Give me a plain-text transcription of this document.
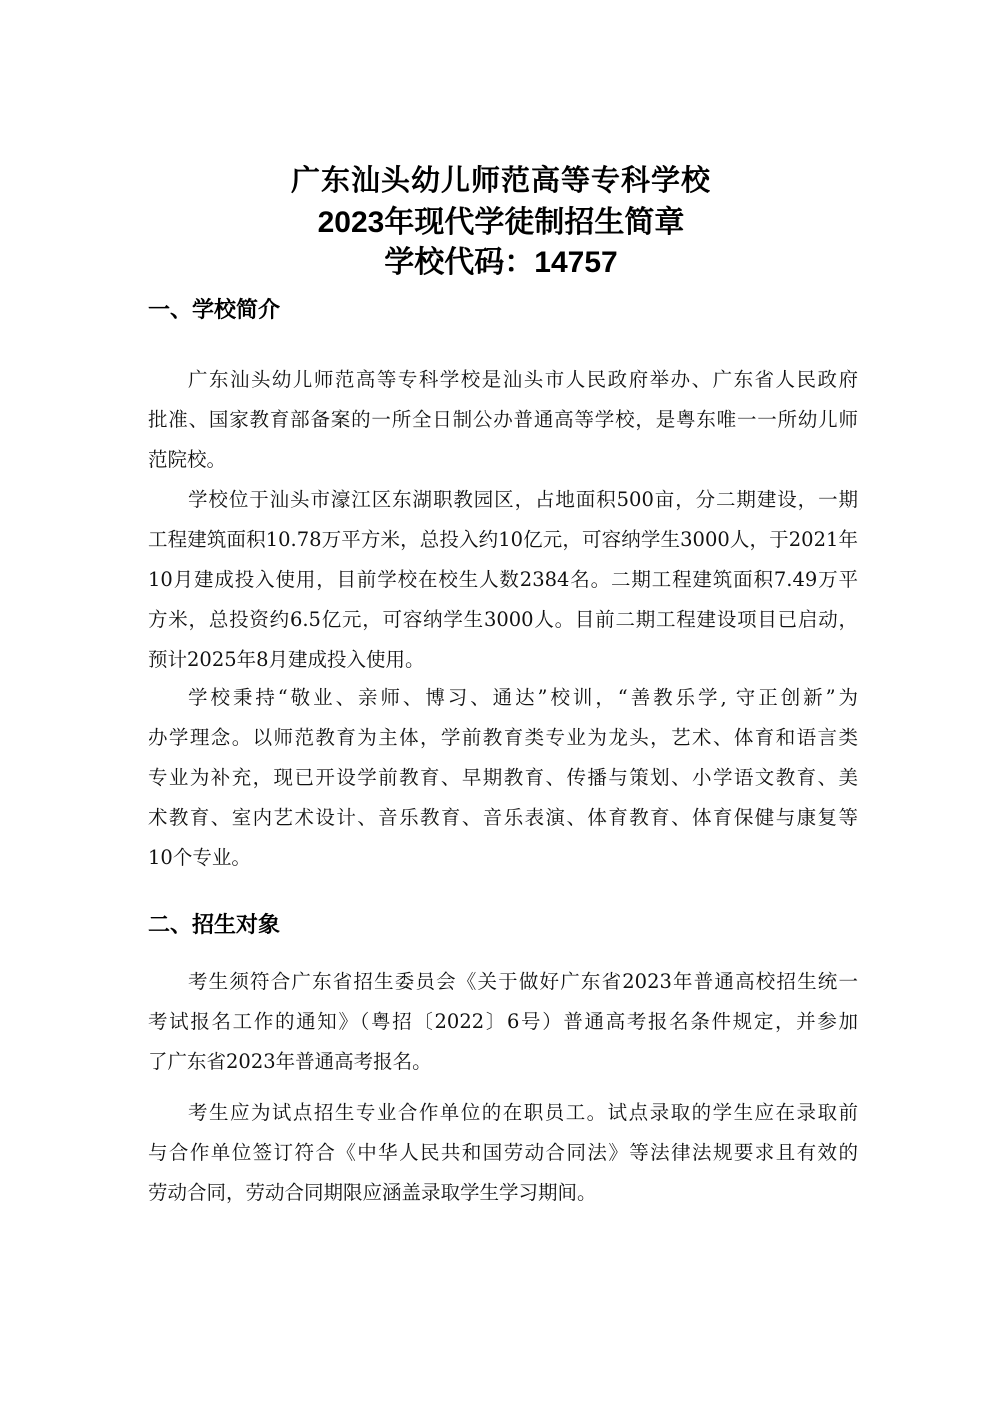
广东汕头幼儿师范高等专科学校
2023年现代学徒制招生简章
学校代码：14757
一、学校简介
广东汕头幼儿师范高等专科学校是汕头市人民政府举办、广东省人民政府
批准、国家教育部备案的一所全日制公办普通高等学校，是粤东唯一一所幼儿师
范院校。
学校位于汕头市濠江区东湖职教园区，占地面积500亩，分二期建设，一期
工程建筑面积10.78万平方米，总投入约10亿元，可容纳学生3000人，于2021年
10月建成投入使用，目前学校在校生人数2384名。二期工程建筑面积7.49万平
方米，总投资约6.5亿元，可容纳学生3000人。目前二期工程建设项目已启动，
预计2025年8月建成投入使用。
学校秉持“敬业、亲师、博习、通达”校训，“善教乐学, 守正创新”为
办学理念。以师范教育为主体，学前教育类专业为龙头，艺术、体育和语言类
专业为补充，现已开设学前教育、早期教育、传播与策划、小学语文教育、美
术教育、室内艺术设计、音乐教育、音乐表演、体育教育、体育保健与康复等
10个专业。
二、招生对象
考生须符合广东省招生委员会《关于做好广东省2023年普通高校招生统一
考试报名工作的通知》（粤招〔2022〕6号）普通高考报名条件规定，并参加
了广东省2023年普通高考报名。
考生应为试点招生专业合作单位的在职员工。试点录取的学生应在录取前
与合作单位签订符合《中华人民共和国劳动合同法》等法律法规要求且有效的
劳动合同，劳动合同期限应涵盖录取学生学习期间。
